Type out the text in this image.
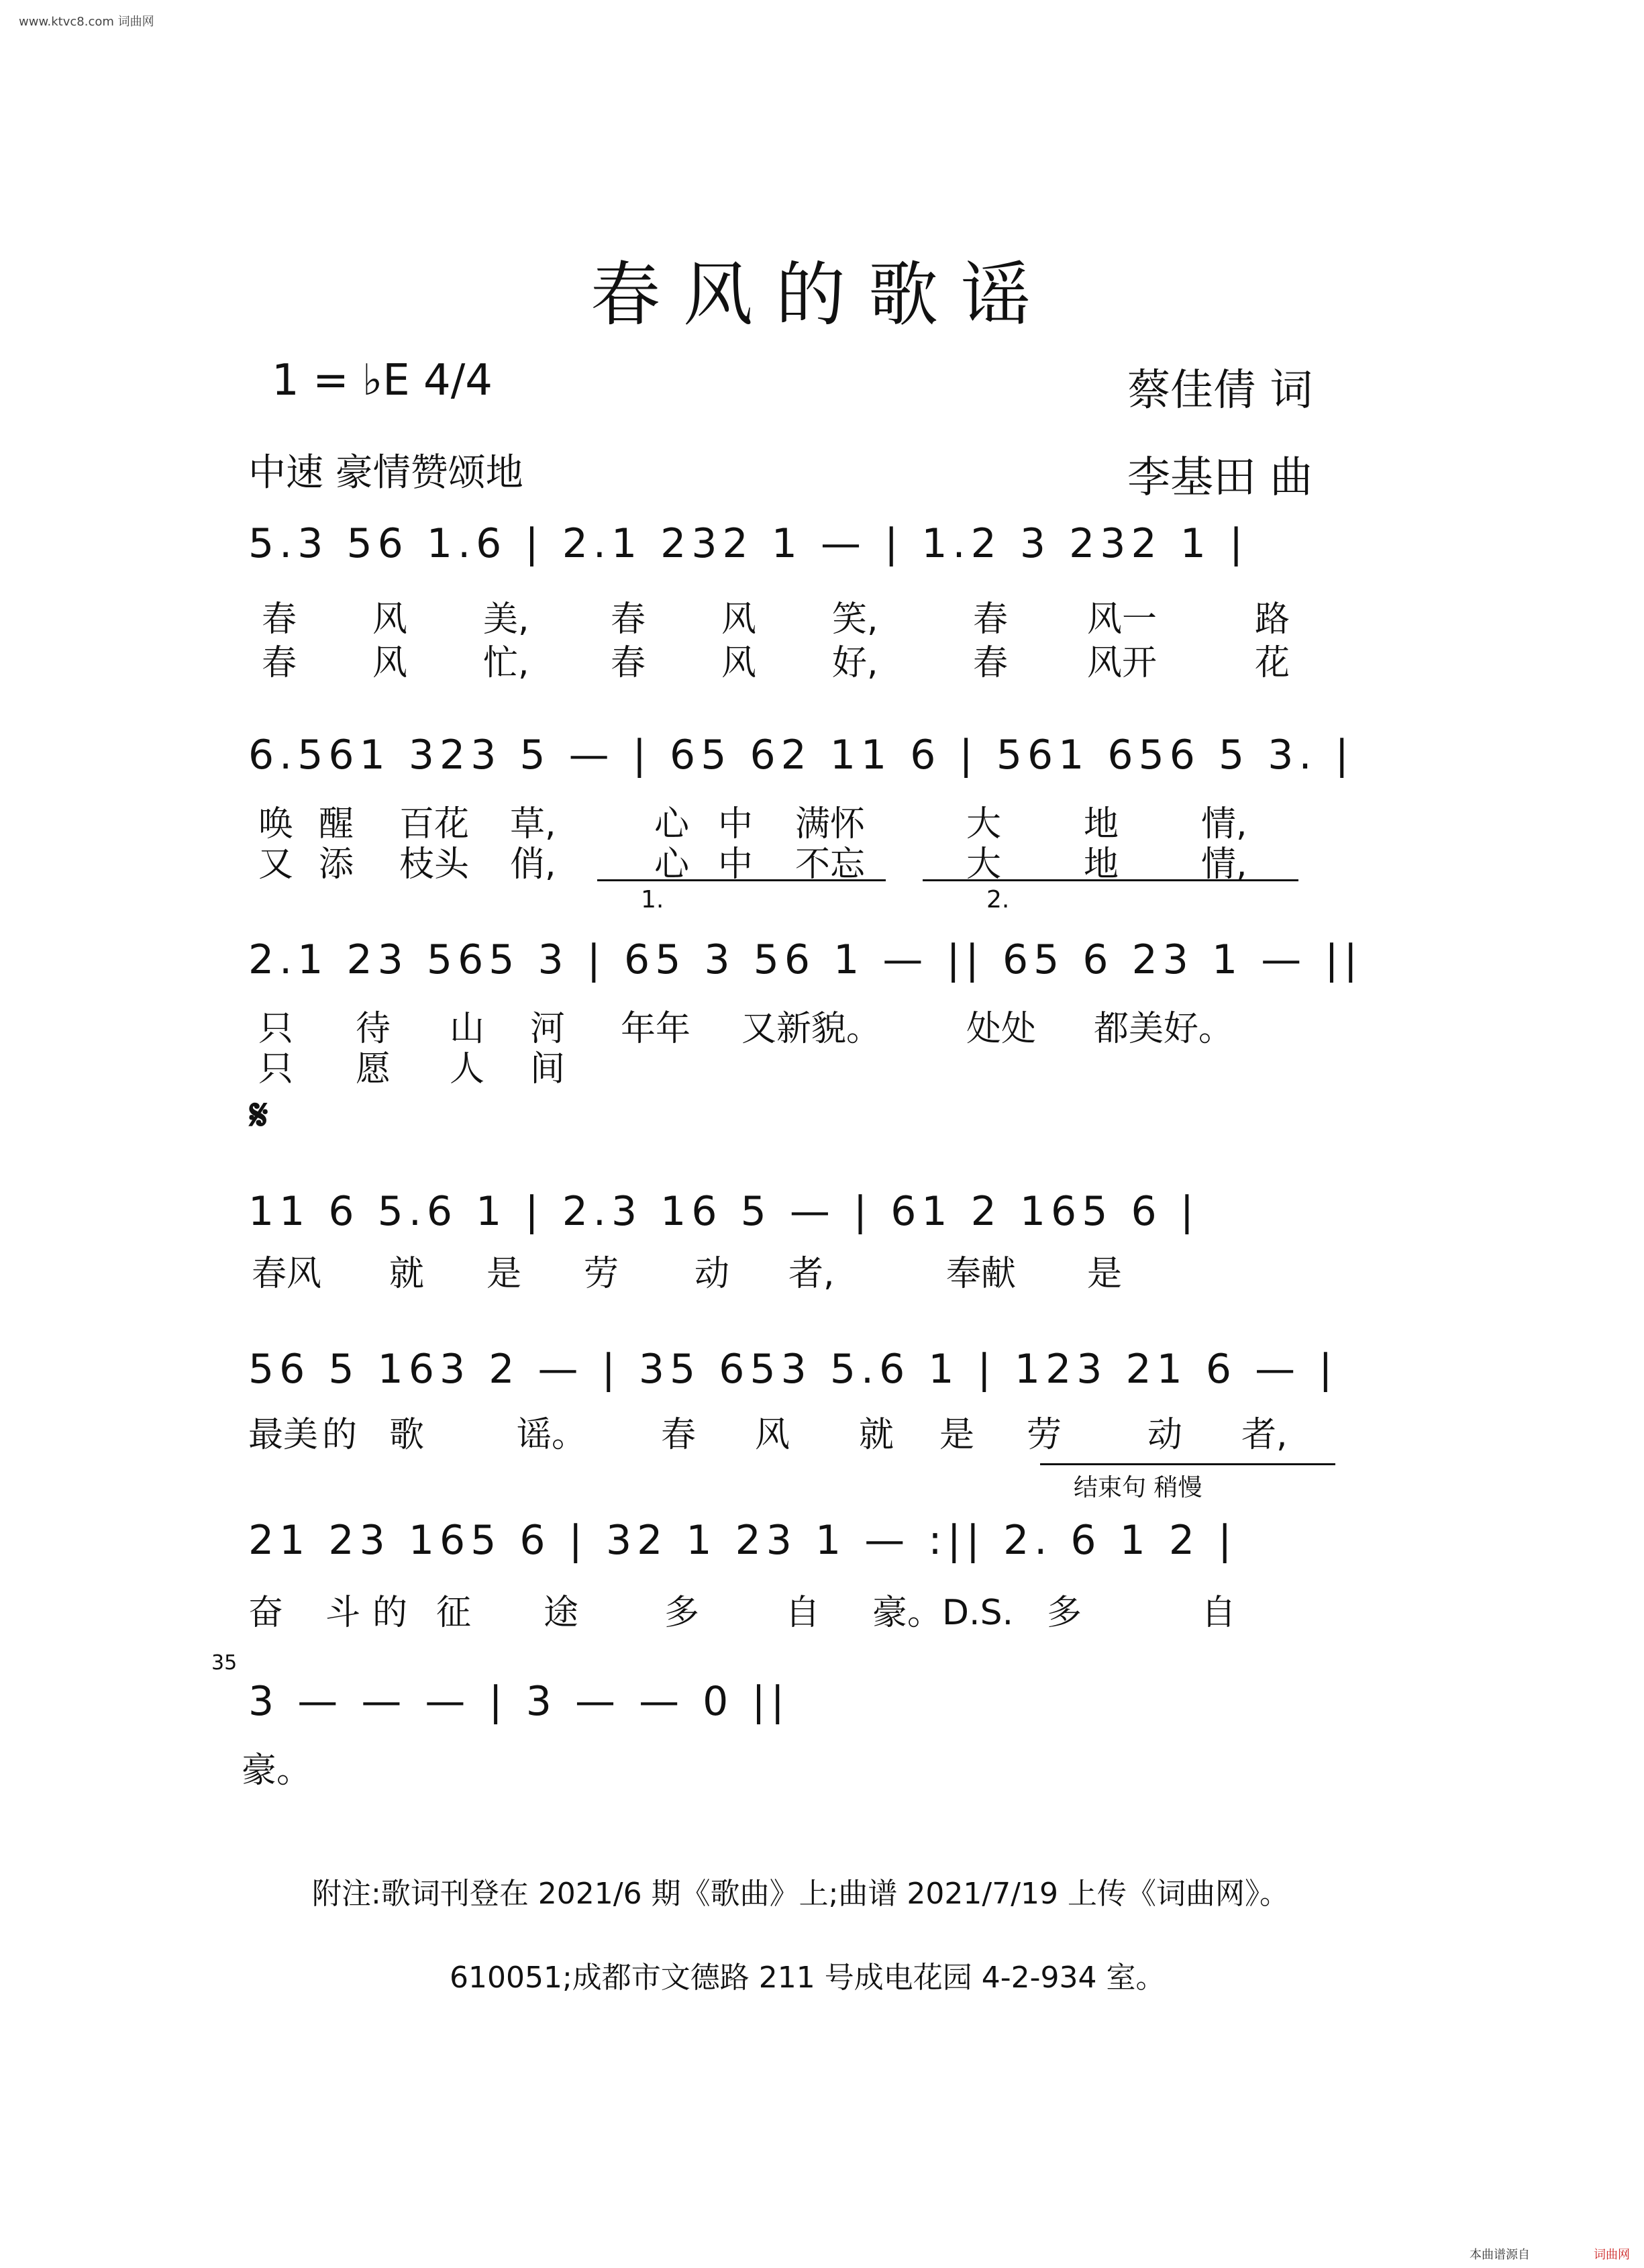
www.ktvc8.com 词曲网
春风的歌谣
1 = ♭E 4/4	蔡佳倩 词
中速 豪情赞颂地	李基田 曲
5.3 56 1.6 | 2.1 232 1 — | 1.2 3 232 1 |
春 风 美, 春 风 笑,	春 风一	路
春 风 忙, 春 风 好,	春 风开	花
6.561 323 5 — | 65 62 11 6 | 561 656 5 3. |
唤 醒 百花 草,	心 中 满怀	大 地 情,
又 添 枝头 俏,	心 中 不忘	大 地 情,
1.	2.
2.1 23 565 3 | 65 3 56 1 — || 65 6 23 1 — ||
只 待 山 河 年年 又新貌。 处处 都美好。
只 愿 人 间
𝄋
11 6 5.6 1 | 2.3 16 5 — | 61 2 165 6 |
春风 就 是 劳 动 者,	奉献 是
56 5 163 2 — | 35 653 5.6 1 | 123 21 6 — |
最美 的 歌	谣。 春 风 就 是 劳 动 者,
结束句 稍慢
21 23 165 6 | 32 1 23 1 — :|| 2. 6 1 2 |
奋 斗 的 征 途 多 自 豪。D.S. 多	自
35
3 — — — | 3 — — 0 ||
豪。
附注:歌词刊登在 2021/6 期《歌曲》上;曲谱 2021/7/19 上传《词曲网》。
610051;成都市文德路 211 号成电花园 4-2-934 室。
本曲谱源自	词曲网
